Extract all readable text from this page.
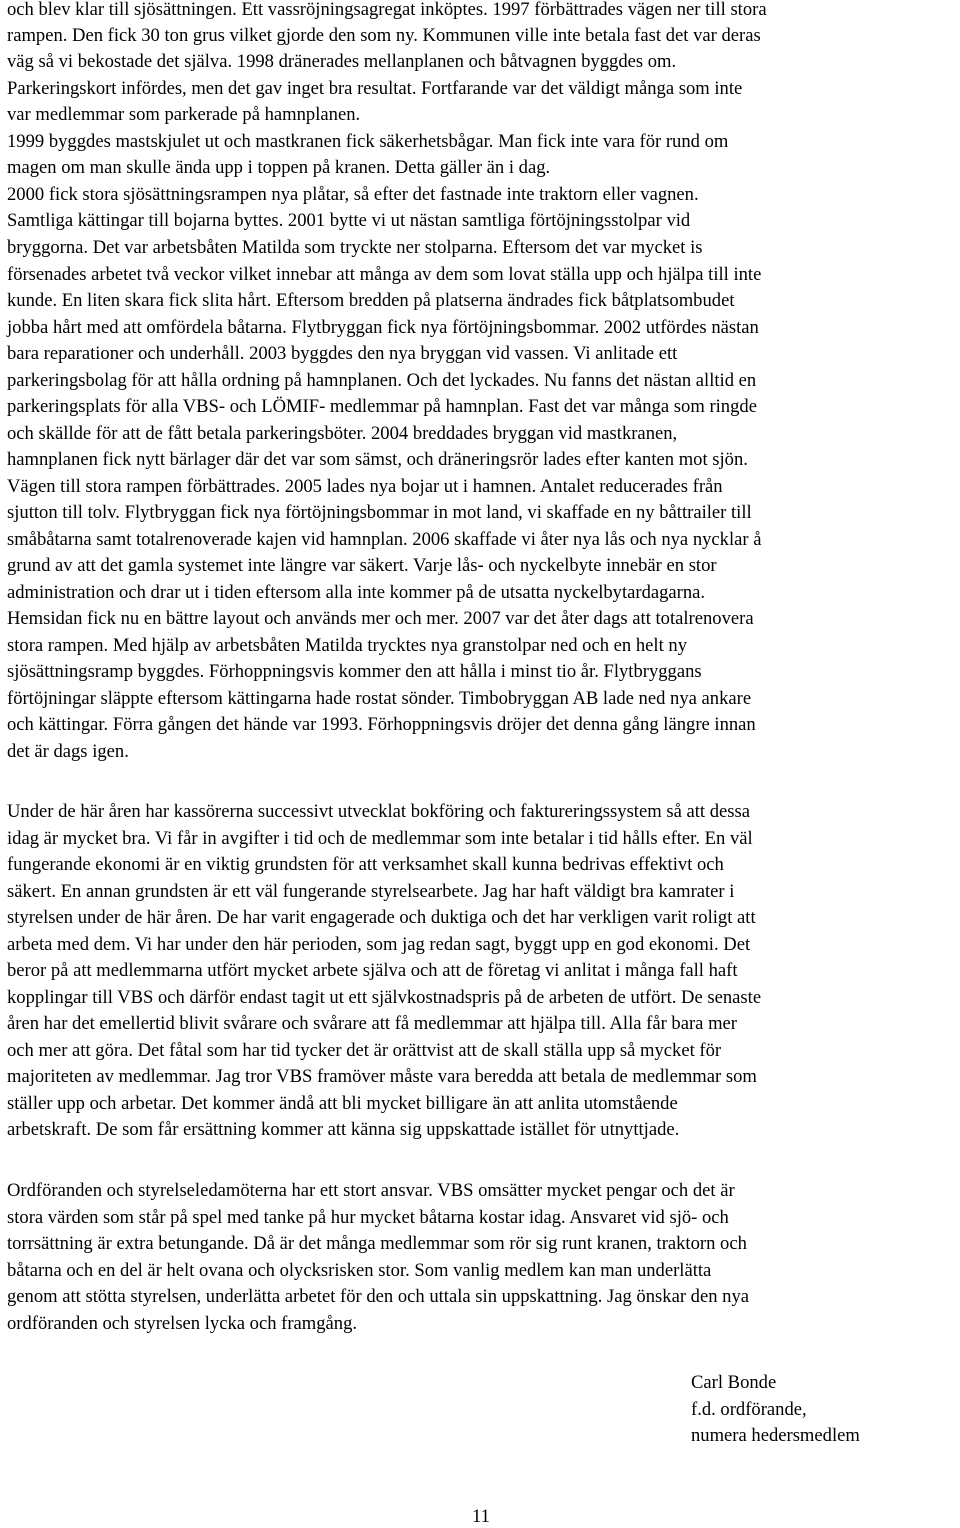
och blev klar till sjösättningen. Ett vassröjningsagregat inköptes. 1997 förbättrades vägen ner till stora
rampen. Den fick 30 ton grus vilket gjorde den som ny. Kommunen ville inte betala fast det var deras
väg så vi bekostade det själva. 1998 dränerades mellanplanen och båtvagnen byggdes om.
Parkeringskort infördes, men det gav inget bra resultat. Fortfarande var det väldigt många som inte
var medlemmar som parkerade på hamnplanen.
1999 byggdes mastskjulet ut och mastkranen fick säkerhetsbågar. Man fick inte vara för rund om
magen om man skulle ända upp i toppen på kranen. Detta gäller än i dag.
2000 fick stora sjösättningsrampen nya plåtar, så efter det fastnade inte traktorn eller vagnen.
Samtliga kättingar till bojarna byttes. 2001 bytte vi ut nästan samtliga förtöjningsstolpar vid
bryggorna. Det var arbetsbåten Matilda som tryckte ner stolparna. Eftersom det var mycket is
försenades arbetet två veckor vilket innebar att många av dem som lovat ställa upp och hjälpa till inte
kunde. En liten skara fick slita hårt. Eftersom bredden på platserna ändrades fick båtplatsombudet
jobba hårt med att omfördela båtarna. Flytbryggan fick nya förtöjningsbommar. 2002 utfördes nästan
bara reparationer och underhåll. 2003 byggdes den nya bryggan vid vassen. Vi anlitade ett
parkeringsbolag för att hålla ordning på hamnplanen. Och det lyckades. Nu fanns det nästan alltid en
parkeringsplats för alla VBS- och LÖMIF- medlemmar på hamnplan. Fast det var många som ringde
och skällde för att de fått betala parkeringsböter. 2004 breddades bryggan vid mastkranen,
hamnplanen fick nytt bärlager där det var som sämst, och dräneringsrör lades efter kanten mot sjön.
Vägen till stora rampen förbättrades. 2005 lades nya bojar ut i hamnen. Antalet reducerades från
sjutton till tolv. Flytbryggan fick nya förtöjningsbommar in mot land, vi skaffade en ny båttrailer till
småbåtarna samt totalrenoverade kajen vid hamnplan. 2006 skaffade vi åter nya lås och nya nycklar å
grund av att det gamla systemet inte längre var säkert. Varje lås- och nyckelbyte innebär en stor
administration och drar ut i tiden eftersom alla inte kommer på de utsatta nyckelbytardagarna.
Hemsidan fick nu en bättre layout och används mer och mer. 2007 var det åter dags att totalrenovera
stora rampen. Med hjälp av arbetsbåten Matilda trycktes nya granstolpar ned och en helt ny
sjösättningsramp byggdes. Förhoppningsvis kommer den att hålla i minst tio år. Flytbryggans
förtöjningar släppte eftersom kättingarna hade rostat sönder. Timbobryggan AB lade ned nya ankare
och kättingar. Förra gången det hände var 1993. Förhoppningsvis dröjer det denna gång längre innan
det är dags igen.
Under de här åren har kassörerna successivt utvecklat bokföring och faktureringssystem så att dessa
idag är mycket bra. Vi får in avgifter i tid och de medlemmar som inte betalar i tid hålls efter. En väl
fungerande ekonomi är en viktig grundsten för att verksamhet skall kunna bedrivas effektivt och
säkert. En annan grundsten är ett väl fungerande styrelsearbete. Jag har haft väldigt bra kamrater i
styrelsen under de här åren. De har varit engagerade och duktiga och det har verkligen varit roligt att
arbeta med dem. Vi har under den här perioden, som jag redan sagt, byggt upp en god ekonomi. Det
beror på att medlemmarna utfört mycket arbete själva och att de företag vi anlitat i många fall haft
kopplingar till VBS och därför endast tagit ut ett självkostnadspris på de arbeten de utfört. De senaste
åren har det emellertid blivit svårare och svårare att få medlemmar att hjälpa till. Alla får bara mer
och mer att göra. Det fåtal som har tid tycker det är orättvist att de skall ställa upp så mycket för
majoriteten av medlemmar. Jag tror VBS framöver måste vara beredda att betala de medlemmar som
ställer upp och arbetar. Det kommer ändå att bli mycket billigare än att anlita utomstående
arbetskraft. De som får ersättning kommer att känna sig uppskattade istället för utnyttjade.
Ordföranden och styrelseledamöterna har ett stort ansvar. VBS omsätter mycket pengar och det är
stora värden som står på spel med tanke på hur mycket båtarna kostar idag. Ansvaret vid sjö- och
torrsättning är extra betungande. Då är det många medlemmar som rör sig runt kranen, traktorn och
båtarna och en del är helt ovana och olycksrisken stor. Som vanlig medlem kan man underlätta
genom att stötta styrelsen, underlätta arbetet för den och uttala sin uppskattning. Jag önskar den nya
ordföranden och styrelsen lycka och framgång.
Carl Bonde
f.d. ordförande,
numera hedersmedlem
11
